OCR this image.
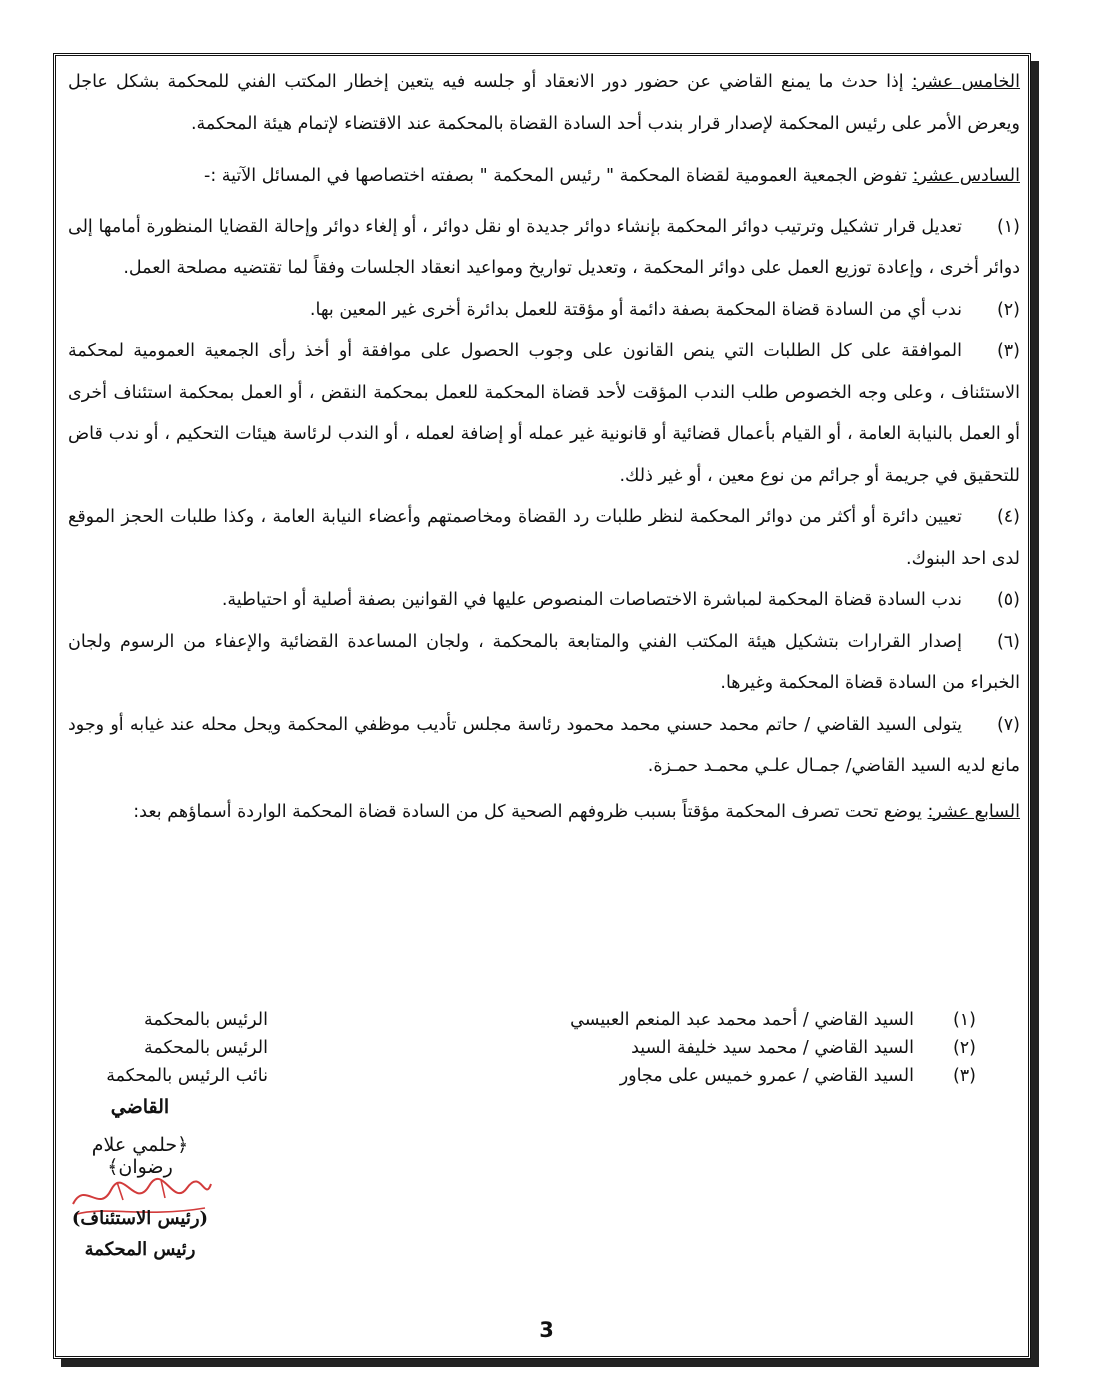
الخامس عشر: إذا حدث ما يمنع القاضي عن حضور دور الانعقاد أو جلسه فيه يتعين إخطار المكتب الفني للمحكمة بشكل عاجل ويعرض الأمر على رئيس المحكمة لإصدار قرار بندب أحد السادة القضاة بالمحكمة عند الاقتضاء لإتمام هيئة المحكمة.

السادس عشر: تفوض الجمعية العمومية لقضاة المحكمة " رئيس المحكمة " بصفته اختصاصها في المسائل الآتية :-

(١)تعديل قرار تشكيل وترتيب دوائر المحكمة بإنشاء دوائر جديدة او نقل دوائر ، أو إلغاء دوائر وإحالة القضايا المنظورة أمامها إلى دوائر أخرى ، وإعادة توزيع العمل على دوائر المحكمة ، وتعديل تواريخ ومواعيد انعقاد الجلسات وفقاً لما تقتضيه مصلحة العمل.

(٢)ندب أي من السادة قضاة المحكمة بصفة دائمة أو مؤقتة للعمل بدائرة أخرى غير المعين بها.

(٣)الموافقة على كل الطلبات التي ينص القانون على وجوب الحصول على موافقة أو أخذ رأى الجمعية العمومية لمحكمة الاستئناف ، وعلى وجه الخصوص طلب الندب المؤقت لأحد قضاة المحكمة للعمل بمحكمة النقض ، أو العمل بمحكمة استئناف أخرى أو العمل بالنيابة العامة ، أو القيام بأعمال قضائية أو قانونية غير عمله أو إضافة لعمله ، أو الندب لرئاسة هيئات التحكيم ، أو ندب قاض للتحقيق في جريمة أو جرائم من نوع معين ، أو غير ذلك.

(٤)تعيين دائرة أو أكثر من دوائر المحكمة لنظر طلبات رد القضاة ومخاصمتهم وأعضاء النيابة العامة ، وكذا طلبات الحجز الموقع لدى احد البنوك.

(٥)ندب السادة قضاة المحكمة لمباشرة الاختصاصات المنصوص عليها في القوانين بصفة أصلية أو احتياطية.

(٦)إصدار القرارات بتشكيل هيئة المكتب الفني والمتابعة بالمحكمة ، ولجان المساعدة القضائية والإعفاء من الرسوم ولجان الخبراء من السادة قضاة المحكمة وغيرها.

(٧)يتولى السيد القاضي / حاتم محمد حسني محمد محمود رئاسة مجلس تأديب موظفي المحكمة ويحل محله عند غيابه أو وجود مانع لديه السيد القاضي/ جمـال علـي محمـد حمـزة.

السابع عشر: يوضع تحت تصرف المحكمة مؤقتاً بسبب ظروفهم الصحية كل من السادة قضاة المحكمة الواردة أسماؤهم بعد:

(١)
السيد القاضي / أحمد محمد عبد المنعم العبيسي
الرئيس بالمحكمة
(٢)
السيد القاضي / محمد سيد خليفة السيد
الرئيس بالمحكمة
(٣)
السيد القاضي / عمرو خميس على مجاور
نائب الرئيس بالمحكمة

القاضي

﴿حلمي علام رضوان﴾
(رئيس الاستئناف)
رئيس المحكمة
3
